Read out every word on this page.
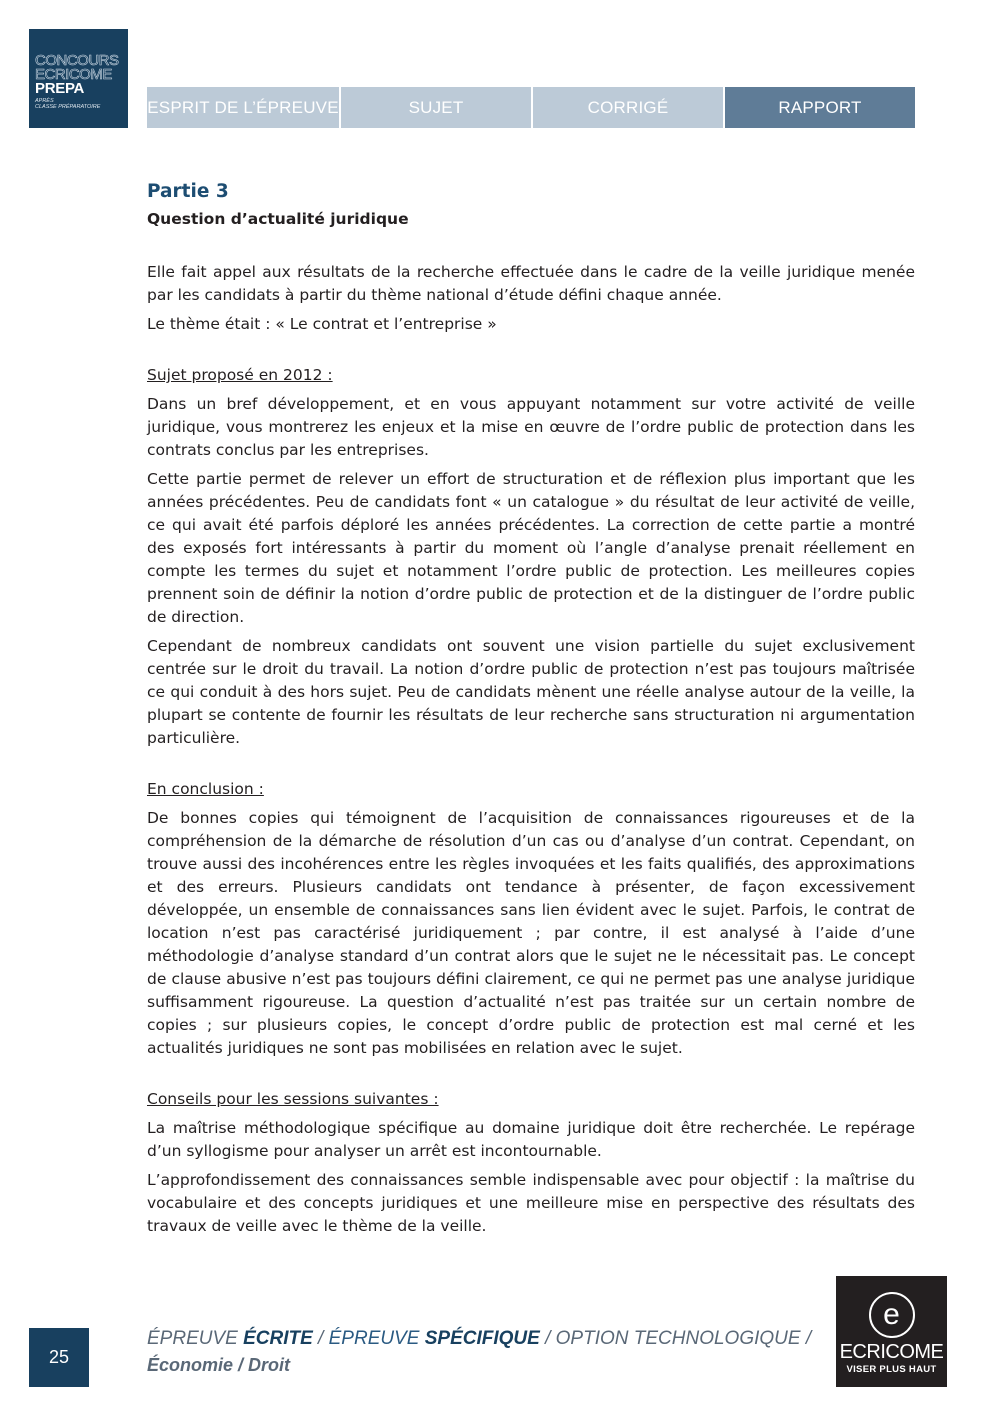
CONCOURS
ECRICOME
PREPA
APRÈS
CLASSE PRÉPARATOIRE	ESPRIT DE L’ÉPREUVE	SUJET	CORRIGÉ	RAPPORT
Partie 3
Question d’actualité juridique

Elle fait appel aux résultats de la recherche effectuée dans le cadre de la veille juridique menée par les candidats à partir du thème national d’étude défini chaque année.

Le thème était : « Le contrat et l’entreprise »

Sujet proposé en 2012 :

Dans un bref développement, et en vous appuyant notamment sur votre activité de veille juridique, vous montrerez les enjeux et la mise en œuvre de l’ordre public de protection dans les contrats conclus par les entreprises.

Cette partie permet de relever un effort de structuration et de réflexion plus important que les années précédentes. Peu de candidats font « un catalogue » du résultat de leur activité de veille, ce qui avait été parfois déploré les années précédentes. La correction de cette partie a montré des exposés fort intéressants à partir du moment où l’angle d’analyse prenait réellement en compte les termes du sujet et notamment l’ordre public de protection. Les meilleures copies prennent soin de définir la notion d’ordre public de protection et de la distinguer de l’ordre public de direction.

Cependant de nombreux candidats ont souvent une vision partielle du sujet exclusivement centrée sur le droit du travail. La notion d’ordre public de protection n’est pas toujours maîtrisée ce qui conduit à des hors sujet. Peu de candidats mènent une réelle analyse autour de la veille, la plupart se contente de fournir les résultats de leur recherche sans structuration ni argumentation particulière.

En conclusion :

De bonnes copies qui témoignent de l’acquisition de connaissances rigoureuses et de la compréhension de la démarche de résolution d’un cas ou d’analyse d’un contrat. Cependant, on trouve aussi des incohérences entre les règles invoquées et les faits qualifiés, des approximations et des erreurs. Plusieurs candidats ont tendance à présenter, de façon excessivement développée, un ensemble de connaissances sans lien évident avec le sujet. Parfois, le contrat de location n’est pas caractérisé juridiquement ; par contre, il est analysé à l’aide d’une méthodologie d’analyse standard d’un contrat alors que le sujet ne le nécessitait pas. Le concept de clause abusive n’est pas toujours défini clairement, ce qui ne permet pas une analyse juridique suffisamment rigoureuse. La question d’actualité n’est pas traitée sur un certain nombre de copies ; sur plusieurs copies, le concept d’ordre public de protection est mal cerné et les actualités juridiques ne sont pas mobilisées en relation avec le sujet.

Conseils pour les sessions suivantes :

La maîtrise méthodologique spécifique au domaine juridique doit être recherchée. Le repérage d’un syllogisme pour analyser un arrêt est incontournable.

L’approfondissement des connaissances semble indispensable avec pour objectif : la maîtrise du vocabulaire et des concepts juridiques et une meilleure mise en perspective des résultats des travaux de veille avec le thème de la veille.

25
ÉPREUVE ÉCRITE / ÉPREUVE SPÉCIFIQUE / OPTION TECHNOLOGIQUE /
Économie / Droit
e
ECRICOME
VISER PLUS HAUT
